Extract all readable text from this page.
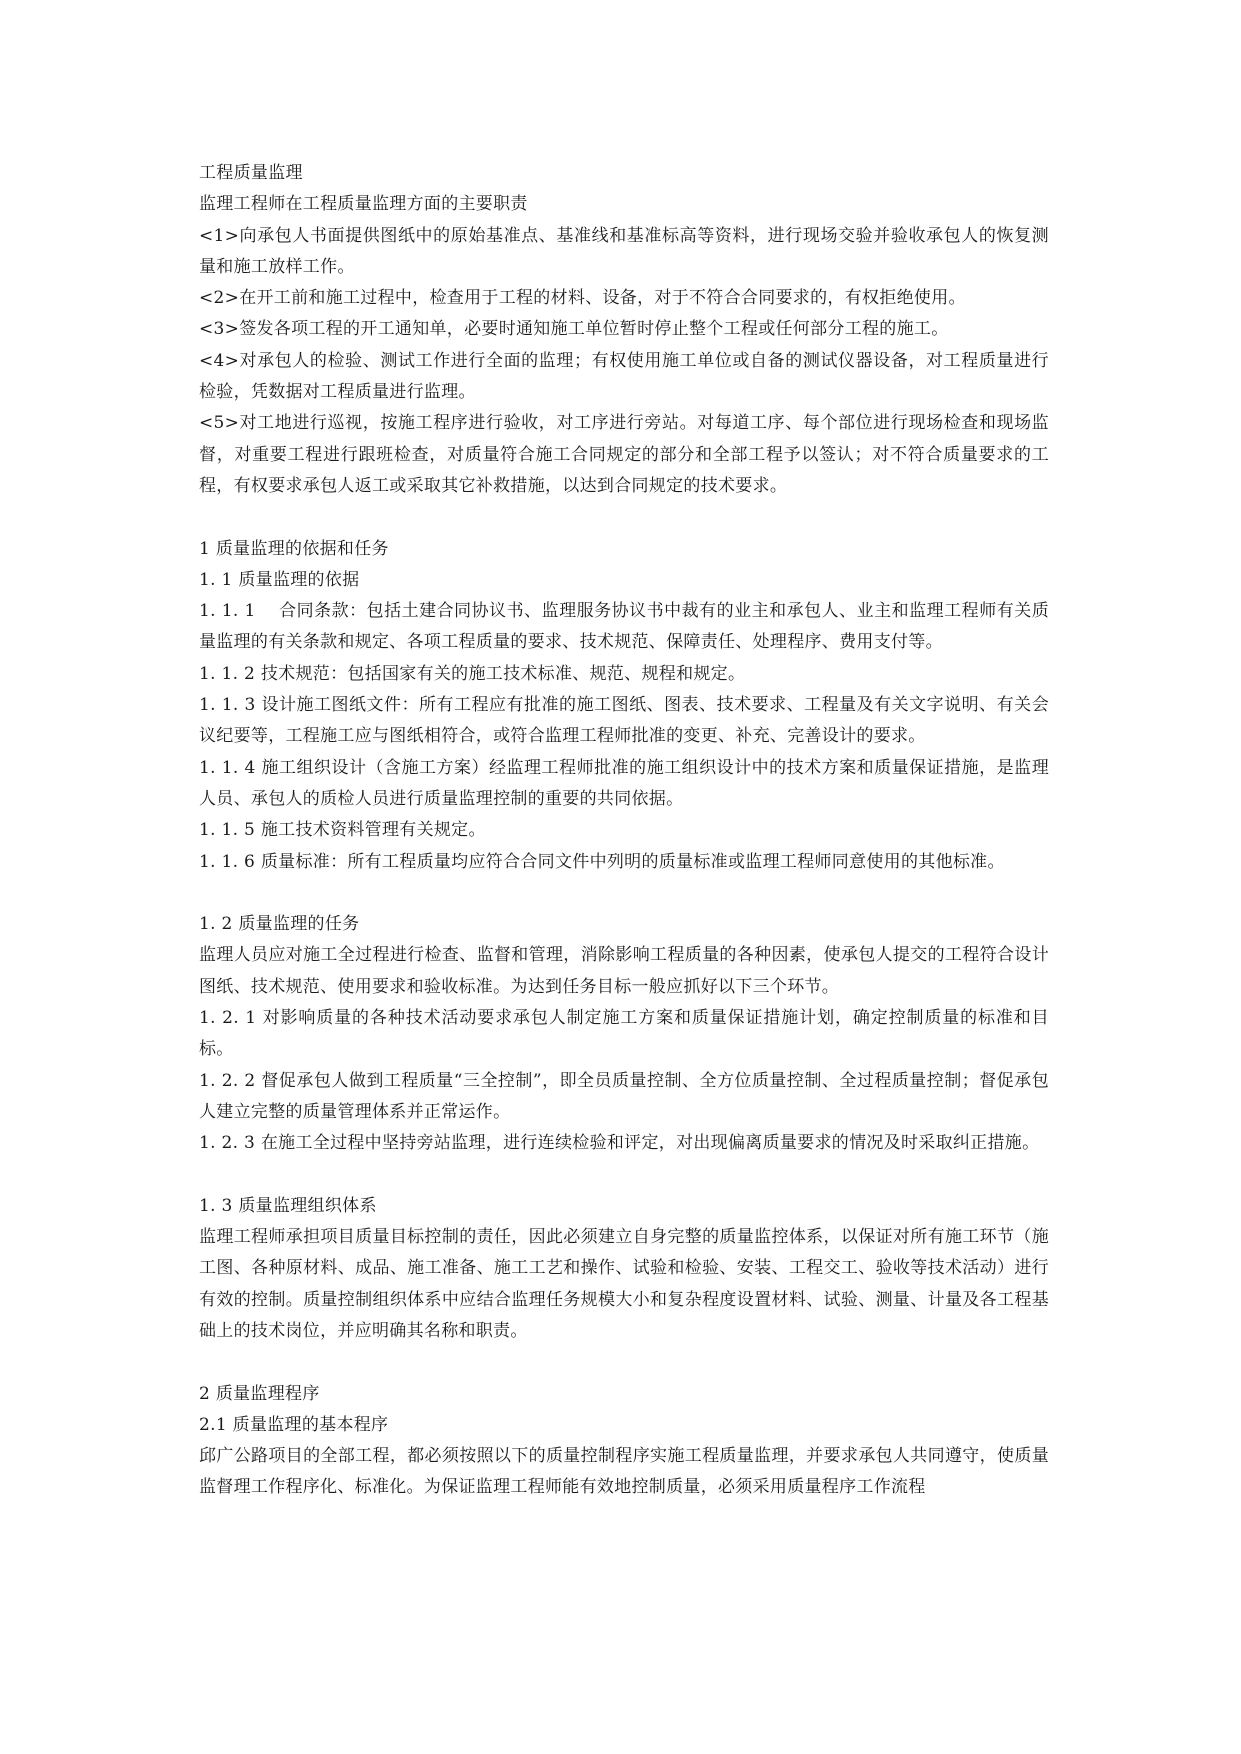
工程质量监理

监理工程师在工程质量监理方面的主要职责

<1>向承包人书面提供图纸中的原始基准点、基准线和基准标高等资料，进行现场交验并验收承包人的恢复测量和施工放样工作。

<2>在开工前和施工过程中，检查用于工程的材料、设备，对于不符合合同要求的，有权拒绝使用。

<3>签发各项工程的开工通知单，必要时通知施工单位暂时停止整个工程或任何部分工程的施工。

<4>对承包人的检验、测试工作进行全面的监理；有权使用施工单位或自备的测试仪器设备，对工程质量进行检验，凭数据对工程质量进行监理。

<5>对工地进行巡视，按施工程序进行验收，对工序进行旁站。对每道工序、每个部位进行现场检查和现场监督，对重要工程进行跟班检查，对质量符合施工合同规定的部分和全部工程予以签认；对不符合质量要求的工程，有权要求承包人返工或采取其它补救措施，以达到合同规定的技术要求。

1 质量监理的依据和任务

1. 1 质量监理的依据

1. 1. 1　 合同条款：包括土建合同协议书、监理服务协议书中裁有的业主和承包人、业主和监理工程师有关质量监理的有关条款和规定、各项工程质量的要求、技术规范、保障责任、处理程序、费用支付等。

1. 1. 2 技术规范：包括国家有关的施工技术标准、规范、规程和规定。

1. 1. 3 设计施工图纸文件：所有工程应有批准的施工图纸、图表、技术要求、工程量及有关文字说明、有关会议纪要等，工程施工应与图纸相符合，或符合监理工程师批准的变更、补充、完善设计的要求。

1. 1. 4 施工组织设计（含施工方案）经监理工程师批准的施工组织设计中的技术方案和质量保证措施，是监理人员、承包人的质检人员进行质量监理控制的重要的共同依据。

1. 1. 5 施工技术资料管理有关规定。

1. 1. 6 质量标准：所有工程质量均应符合合同文件中列明的质量标准或监理工程师同意使用的其他标准。

1. 2 质量监理的任务

监理人员应对施工全过程进行检查、监督和管理，消除影响工程质量的各种因素，使承包人提交的工程符合设计图纸、技术规范、使用要求和验收标准。为达到任务目标一般应抓好以下三个环节。

1. 2. 1 对影响质量的各种技术活动要求承包人制定施工方案和质量保证措施计划，确定控制质量的标准和目标。

1. 2. 2 督促承包人做到工程质量“三全控制”，即全员质量控制、全方位质量控制、全过程质量控制；督促承包人建立完整的质量管理体系并正常运作。

1. 2. 3 在施工全过程中坚持旁站监理，进行连续检验和评定，对出现偏离质量要求的情况及时采取纠正措施。

1. 3 质量监理组织体系

监理工程师承担项目质量目标控制的责任，因此必须建立自身完整的质量监控体系，以保证对所有施工环节（施工图、各种原材料、成品、施工准备、施工工艺和操作、试验和检验、安装、工程交工、验收等技术活动）进行有效的控制。质量控制组织体系中应结合监理任务规模大小和复杂程度设置材料、试验、测量、计量及各工程基础上的技术岗位，并应明确其名称和职责。

2 质量监理程序

2.1 质量监理的基本程序

邱广公路项目的全部工程，都必须按照以下的质量控制程序实施工程质量监理，并要求承包人共同遵守，使质量监督理工作程序化、标准化。为保证监理工程师能有效地控制质量，必须采用质量程序工作流程
